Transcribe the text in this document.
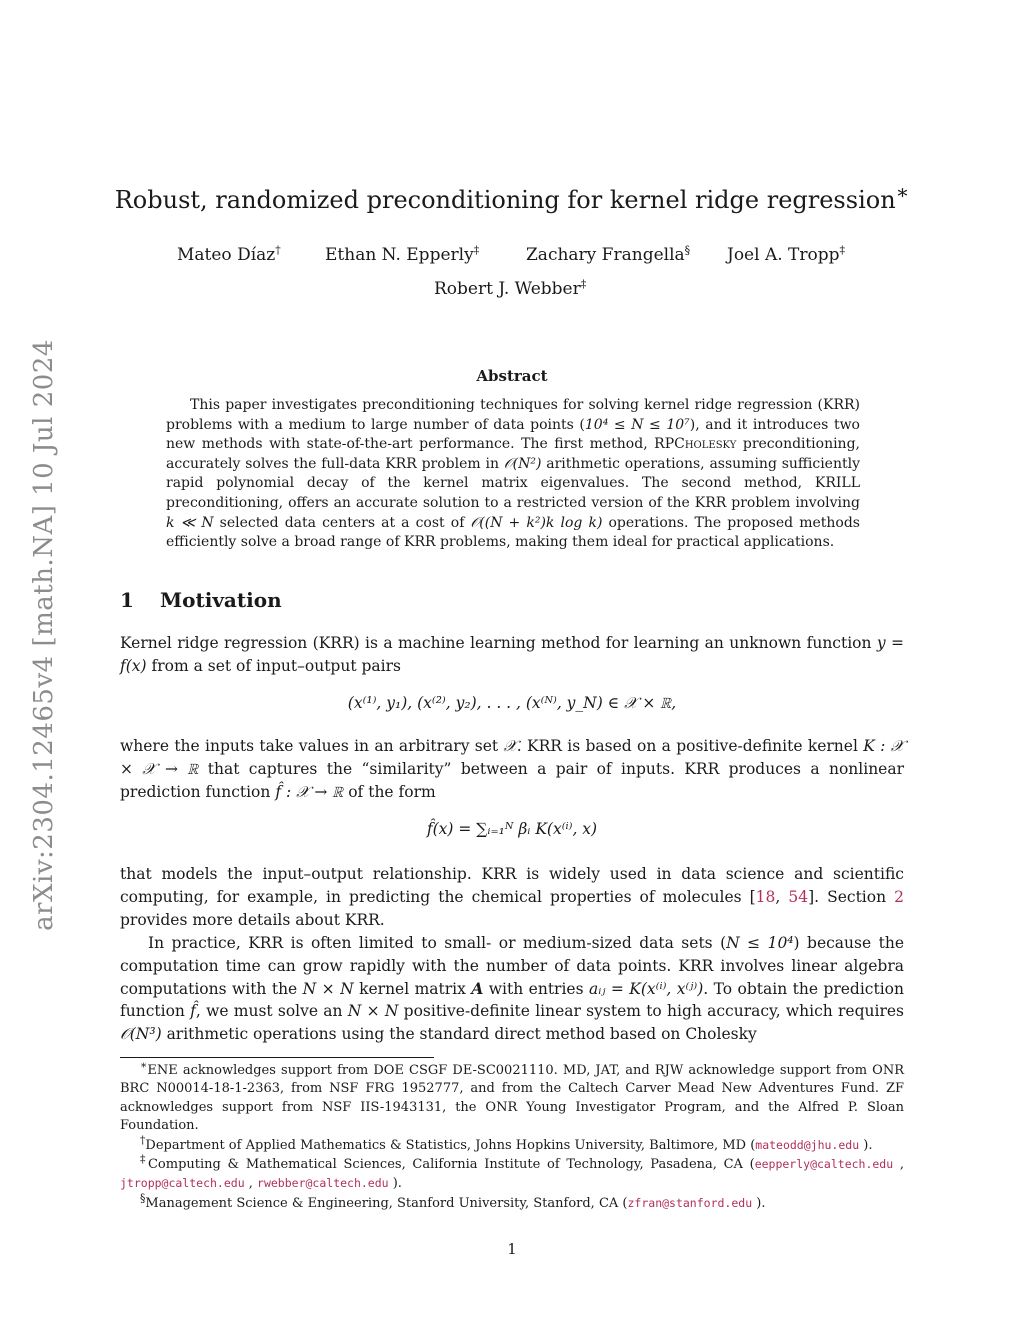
arXiv:2304.12465v4 [math.NA] 10 Jul 2024
Robust, randomized preconditioning for kernel ridge regression∗
Mateo Díaz†	Ethan N. Epperly‡	Zachary Frangella§ Joel A. Tropp‡
Robert J. Webber‡
Abstract
This paper investigates preconditioning techniques for solving kernel ridge regression (KRR) problems with a medium to large number of data points (10⁴ ≤ N ≤ 10⁷), and it introduces two new methods with state-of-the-art performance. The first method, RPCholesky preconditioning, accurately solves the full-data KRR problem in 𝒪(N²) arithmetic operations, assuming sufficiently rapid polynomial decay of the kernel matrix eigenvalues. The second method, KRILL preconditioning, offers an accurate solution to a restricted version of the KRR problem involving k ≪ N selected data centers at a cost of 𝒪((N + k²)k log k) operations. The proposed methods efficiently solve a broad range of KRR problems, making them ideal for practical applications.
1 Motivation
Kernel ridge regression (KRR) is a machine learning method for learning an unknown function y = f(x) from a set of input–output pairs
(x⁽¹⁾, y₁), (x⁽²⁾, y₂), . . . , (x⁽ᴺ⁾, y_N) ∈ 𝒳 × ℝ,
where the inputs take values in an arbitrary set 𝒳. KRR is based on a positive-definite kernel K : 𝒳 × 𝒳 → ℝ that captures the “similarity” between a pair of inputs. KRR produces a nonlinear prediction function f̂ : 𝒳 → ℝ of the form
f̂(x) = ∑ᵢ₌₁ᴺ βᵢ K(x⁽ⁱ⁾, x)
that models the input–output relationship. KRR is widely used in data science and scientific computing, for example, in predicting the chemical properties of molecules [18, 54]. Section 2 provides more details about KRR.
In practice, KRR is often limited to small- or medium-sized data sets (N ≤ 10⁴) because the computation time can grow rapidly with the number of data points. KRR involves linear algebra computations with the N × N kernel matrix A with entries aᵢⱼ = K(x⁽ⁱ⁾, x⁽ʲ⁾). To obtain the prediction function f̂, we must solve an N × N positive-definite linear system to high accuracy, which requires 𝒪(N³) arithmetic operations using the standard direct method based on Cholesky

∗ENE acknowledges support from DOE CSGF DE-SC0021110. MD, JAT, and RJW acknowledge support from ONR BRC N00014-18-1-2363, from NSF FRG 1952777, and from the Caltech Carver Mead New Adventures Fund. ZF acknowledges support from NSF IIS-1943131, the ONR Young Investigator Program, and the Alfred P. Sloan Foundation.

†Department of Applied Mathematics & Statistics, Johns Hopkins University, Baltimore, MD (mateodd@jhu.edu ).

‡Computing & Mathematical Sciences, California Institute of Technology, Pasadena, CA (eepperly@caltech.edu , jtropp@caltech.edu , rwebber@caltech.edu ).

§Management Science & Engineering, Stanford University, Stanford, CA (zfran@stanford.edu ).

1
